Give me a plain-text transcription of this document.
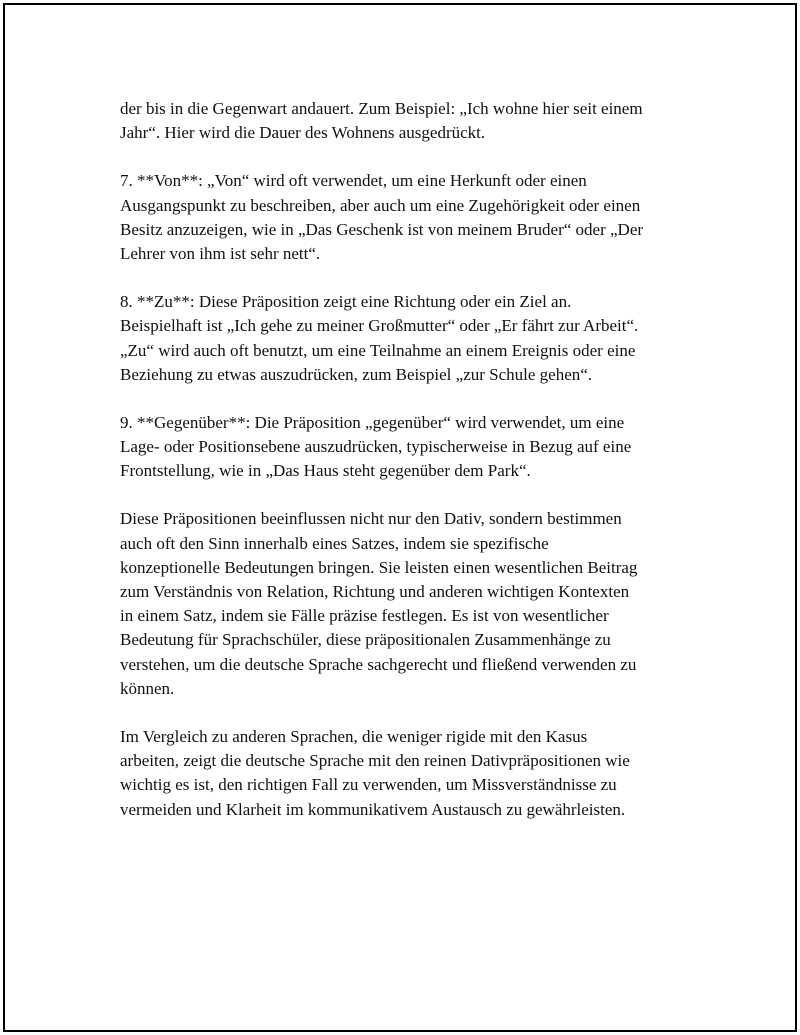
der bis in die Gegenwart andauert. Zum Beispiel: „Ich wohne hier seit einem
Jahr“. Hier wird die Dauer des Wohnens ausgedrückt.

7. **Von**: „Von“ wird oft verwendet, um eine Herkunft oder einen
Ausgangspunkt zu beschreiben, aber auch um eine Zugehörigkeit oder einen
Besitz anzuzeigen, wie in „Das Geschenk ist von meinem Bruder“ oder „Der
Lehrer von ihm ist sehr nett“.

8. **Zu**: Diese Präposition zeigt eine Richtung oder ein Ziel an.
Beispielhaft ist „Ich gehe zu meiner Großmutter“ oder „Er fährt zur Arbeit“.
„Zu“ wird auch oft benutzt, um eine Teilnahme an einem Ereignis oder eine
Beziehung zu etwas auszudrücken, zum Beispiel „zur Schule gehen“.

9. **Gegenüber**: Die Präposition „gegenüber“ wird verwendet, um eine
Lage- oder Positionsebene auszudrücken, typischerweise in Bezug auf eine
Frontstellung, wie in „Das Haus steht gegenüber dem Park“.

Diese Präpositionen beeinflussen nicht nur den Dativ, sondern bestimmen
auch oft den Sinn innerhalb eines Satzes, indem sie spezifische
konzeptionelle Bedeutungen bringen. Sie leisten einen wesentlichen Beitrag
zum Verständnis von Relation, Richtung und anderen wichtigen Kontexten
in einem Satz, indem sie Fälle präzise festlegen. Es ist von wesentlicher
Bedeutung für Sprachschüler, diese präpositionalen Zusammenhänge zu
verstehen, um die deutsche Sprache sachgerecht und fließend verwenden zu
können.

Im Vergleich zu anderen Sprachen, die weniger rigide mit den Kasus
arbeiten, zeigt die deutsche Sprache mit den reinen Dativpräpositionen wie
wichtig es ist, den richtigen Fall zu verwenden, um Missverständnisse zu
vermeiden und Klarheit im kommunikativem Austausch zu gewährleisten.
